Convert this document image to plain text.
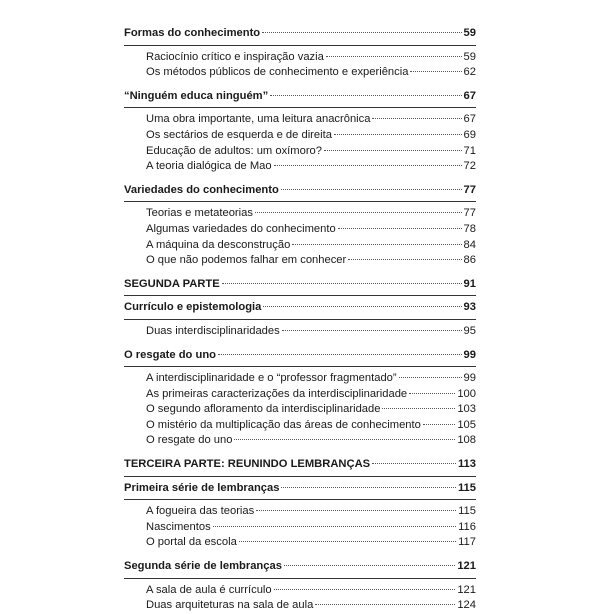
Formas do conhecimento	59
Raciocínio crítico e inspiração vazia	59
Os métodos públicos de conhecimento e experiência	62
“Ninguém educa ninguém”	67
Uma obra importante, uma leitura anacrônica	67
Os sectários de esquerda e de direita	69
Educação de adultos: um oxímoro?	71
A teoria dialógica de Mao	72
Variedades do conhecimento	77
Teorias e metateorias	77
Algumas variedades do conhecimento	78
A máquina da desconstrução	84
O que não podemos falhar em conhecer	86
SEGUNDA PARTE	91
Currículo e epistemologia	93
Duas interdisciplinaridades	95
O resgate do uno	99
A interdisciplinaridade e o “professor fragmentado”	99
As primeiras caracterizações da interdisciplinaridade	100
O segundo afloramento da interdisciplinaridade	103
O mistério da multiplicação das áreas de conhecimento	105
O resgate do uno	108
TERCEIRA PARTE: REUNINDO LEMBRANÇAS	113
Primeira série de lembranças	115
A fogueira das teorias	115
Nascimentos	116
O portal da escola	117
Segunda série de lembranças	121
A sala de aula é currículo	121
Duas arquiteturas na sala de aula	124
